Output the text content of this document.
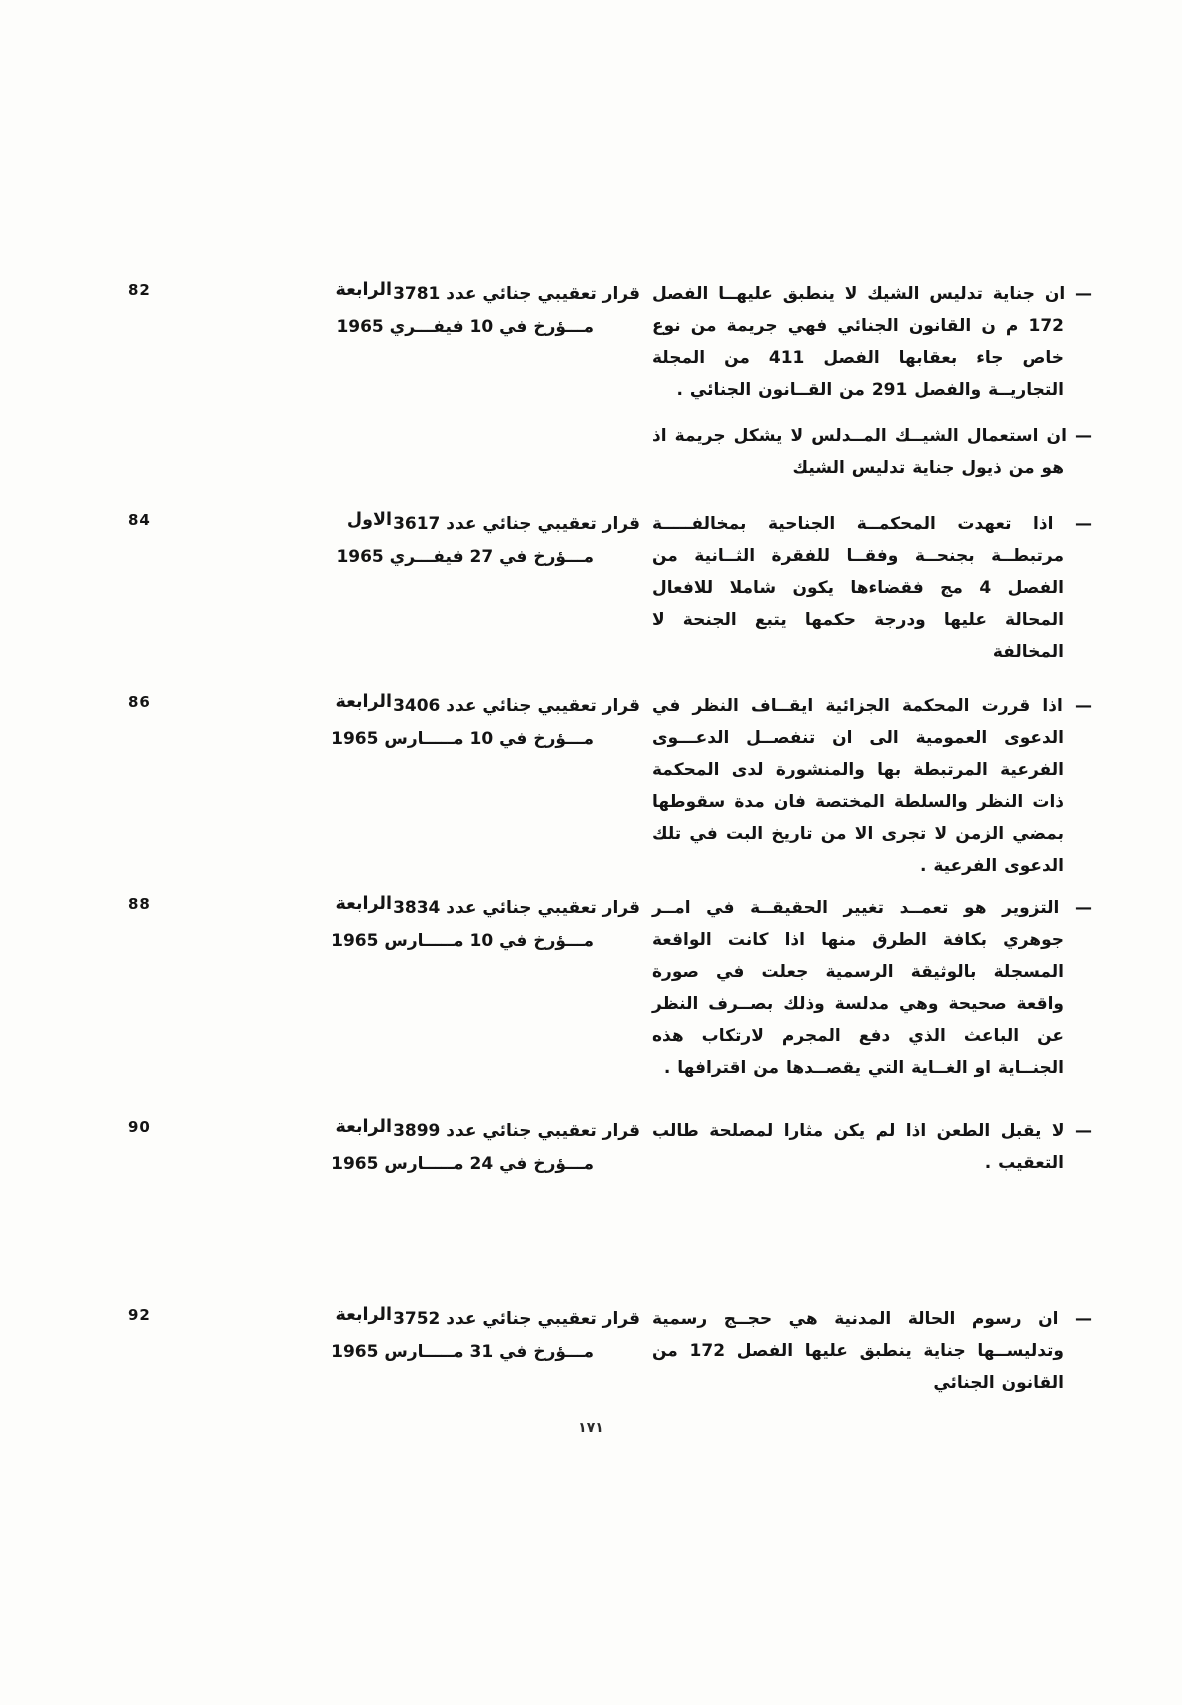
— ان جناية تدليس الشيك لا ينطبق عليهــا الفصل 172 م ن القانون الجنائي فهي جريمة من نوع خاص جاء بعقابها الفصل 411 من المجلة التجاريــة والفصل 291 من القــانون الجنائي .

— ان استعمال الشيــك المــدلس لا يشكل جريمة اذ هو من ذيول جناية تدليس الشيك

قرار تعقيبي جنائي عدد 3781
مـــؤرخ في 10 فيفـــري 1965
الرابعة
82

— اذا تعهدت المحكمــة الجناحية بمخالفـــــة مرتبطــة بجنحــة وفقــا للفقرة الثــانية من الفصل 4 مج فقضاءها يكون شاملا للافعال المحالة عليها ودرجة حكمها يتبع الجنحة لا المخالفة

قرار تعقيبي جنائي عدد 3617
مـــؤرخ في 27 فيفـــري 1965
الاول
84

— اذا قررت المحكمة الجزائية ايقــاف النظر في الدعوى العمومية الى ان تنفصــل الدعـــوى الفرعية المرتبطة بها والمنشورة لدى المحكمة ذات النظر والسلطة المختصة فان مدة سقوطها بمضي الزمن لا تجرى الا من تاريخ البت في تلك الدعوى الفرعية .

قرار تعقيبي جنائي عدد 3406
مـــؤرخ في 10 مـــــارس 1965
الرابعة
86

— التزوير هو تعمــد تغيير الحقيقــة في امــر جوهري بكافة الطرق منها اذا كانت الواقعة المسجلة بالوثيقة الرسمية جعلت في صورة واقعة صحيحة وهي مدلسة وذلك بصــرف النظر عن الباعث الذي دفع المجرم لارتكاب هذه الجنــاية او الغــاية التي يقصــدها من اقترافها .

قرار تعقيبي جنائي عدد 3834
مـــؤرخ في 10 مـــــارس 1965
الرابعة
88

— لا يقبل الطعن اذا لم يكن مثارا لمصلحة طالب التعقيب .

قرار تعقيبي جنائي عدد 3899
مـــؤرخ في 24 مـــــارس 1965
الرابعة
90

— ان رسوم الحالة المدنية هي حجــج رسمية وتدليســها جناية ينطبق عليها الفصل 172 من القانون الجنائي

قرار تعقيبي جنائي عدد 3752
مـــؤرخ في 31 مـــــارس 1965
الرابعة
92
١٧١
